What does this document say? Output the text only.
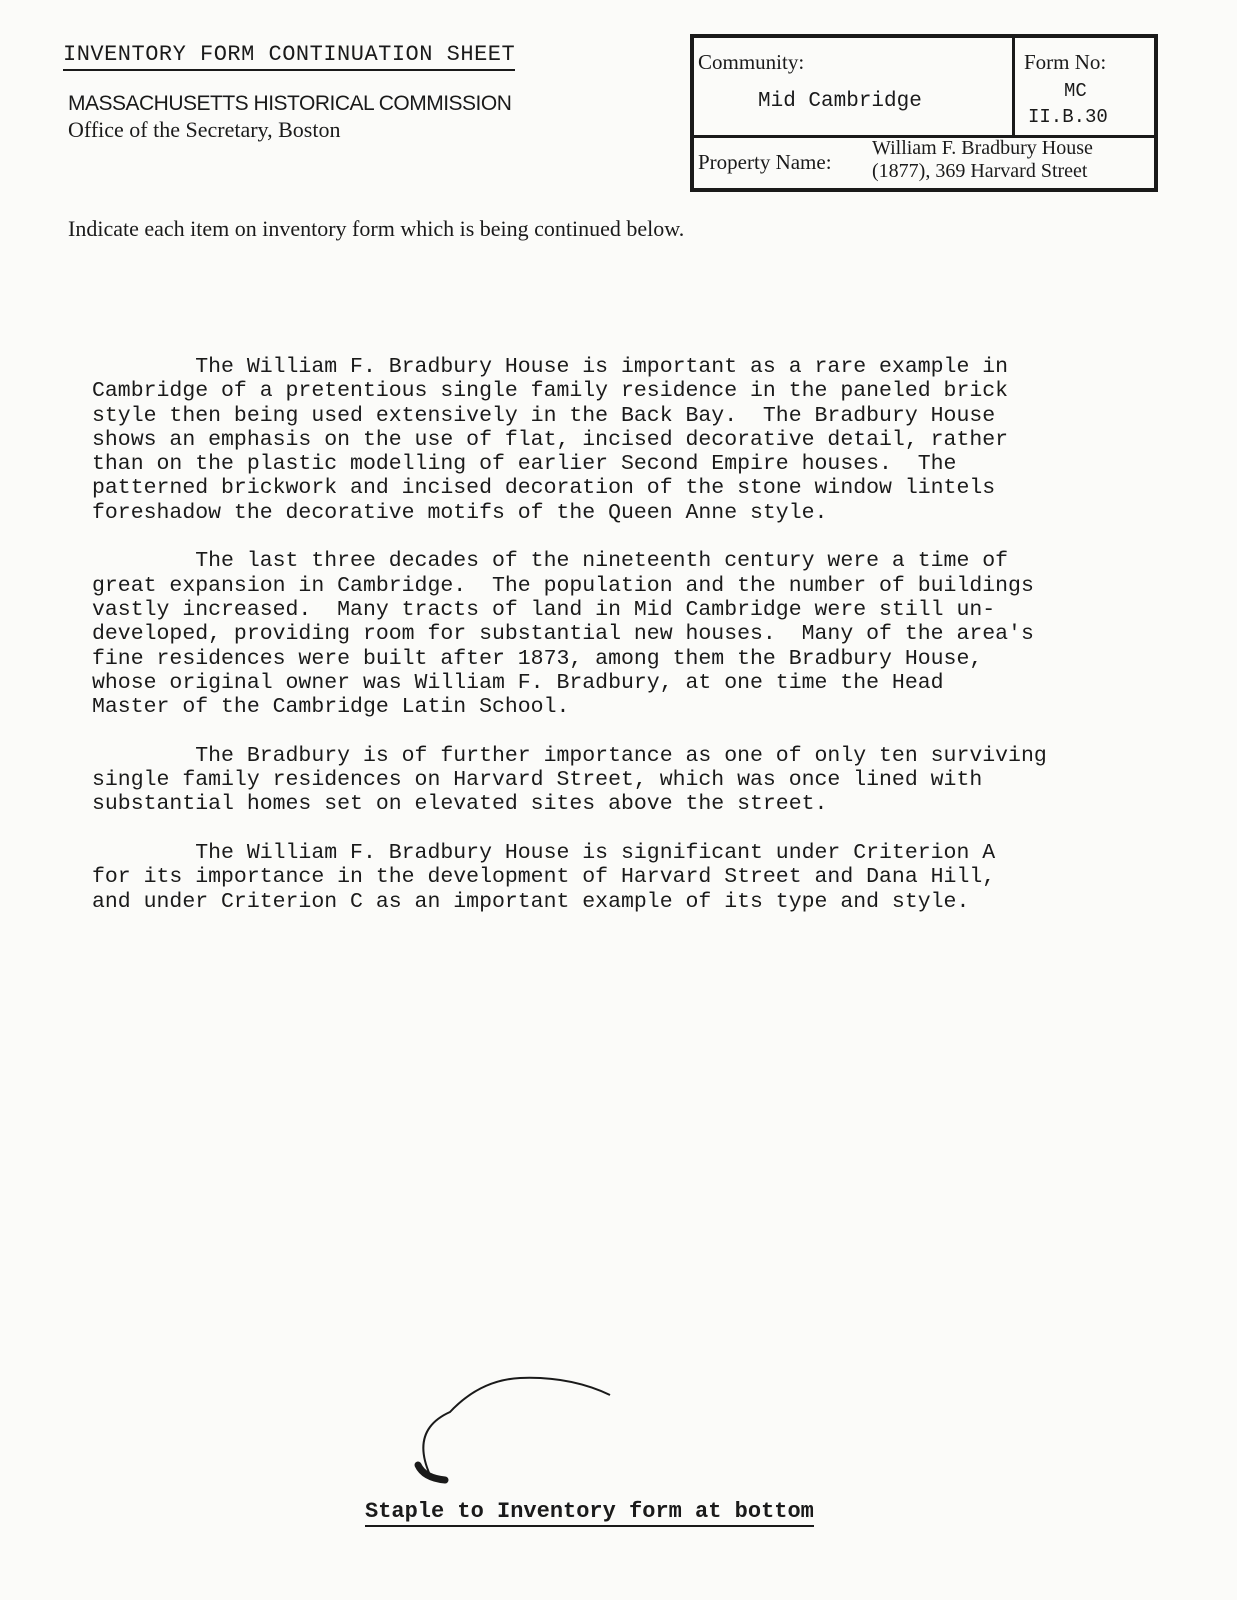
INVENTORY FORM CONTINUATION SHEET
MASSACHUSETTS HISTORICAL COMMISSION
Office of the Secretary, Boston
Community:
Mid Cambridge
Form No:
MC
II.B.30
Property Name:
William F. Bradbury House
(1877), 369 Harvard Street
Indicate each item on inventory form which is being continued below.

The William F. Bradbury House is important as a rare example in
Cambridge of a pretentious single family residence in the paneled brick
style then being used extensively in the Back Bay.  The Bradbury House
shows an emphasis on the use of flat, incised decorative detail, rather
than on the plastic modelling of earlier Second Empire houses.  The
patterned brickwork and incised decoration of the stone window lintels
foreshadow the decorative motifs of the Queen Anne style.

The last three decades of the nineteenth century were a time of
great expansion in Cambridge.  The population and the number of buildings
vastly increased.  Many tracts of land in Mid Cambridge were still un-
developed, providing room for substantial new houses.  Many of the area's
fine residences were built after 1873, among them the Bradbury House,
whose original owner was William F. Bradbury, at one time the Head
Master of the Cambridge Latin School.

The Bradbury is of further importance as one of only ten surviving
single family residences on Harvard Street, which was once lined with
substantial homes set on elevated sites above the street.

The William F. Bradbury House is significant under Criterion A
for its importance in the development of Harvard Street and Dana Hill,
and under Criterion C as an important example of its type and style.

Staple to Inventory form at bottom
